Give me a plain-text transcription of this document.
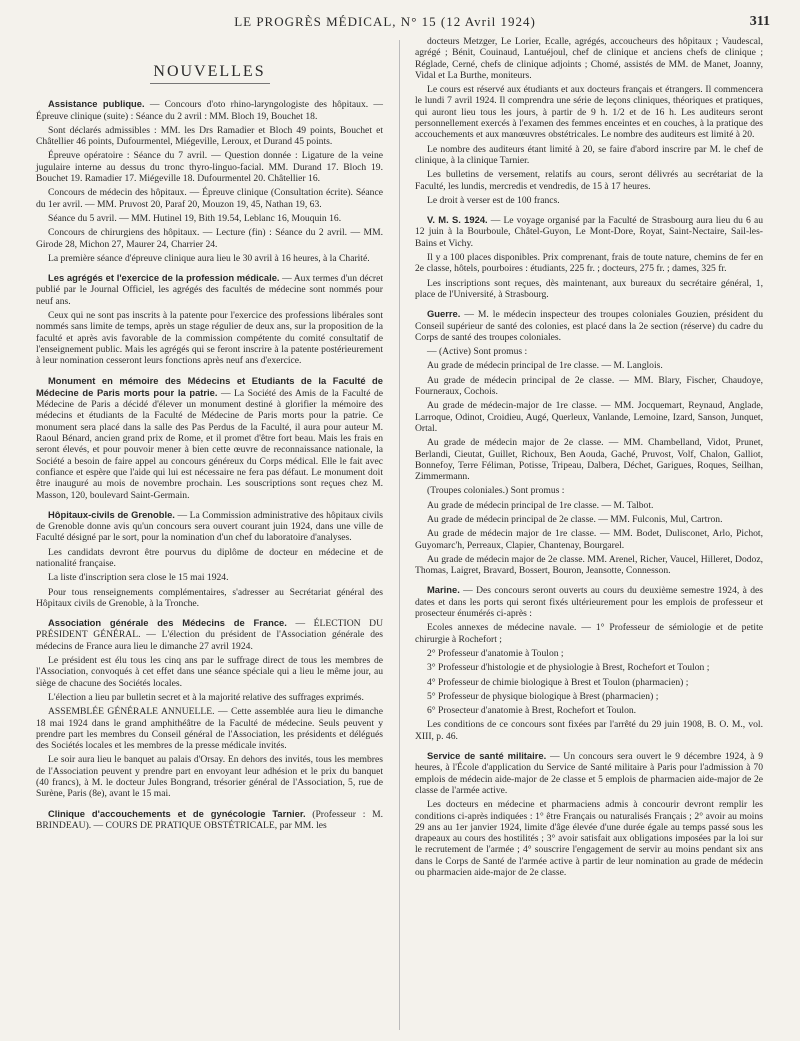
LE PROGRÈS MÉDICAL, N° 15 (12 Avril 1924)	311
NOUVELLES

Assistance publique. — Concours d'oto rhino-laryngologiste des hôpitaux. — Épreuve clinique (suite) : Séance du 2 avril : MM. Bloch 19, Bouchet 18.

Sont déclarés admissibles : MM. les Drs Ramadier et Bloch 49 points, Bouchet et Châtellier 46 points, Dufourmentel, Miégeville, Leroux, et Durand 45 points.

Épreuve opératoire : Séance du 7 avril. — Question donnée : Ligature de la veine jugulaire interne au dessus du tronc thyro-linguo-facial. MM. Durand 17. Bloch 19. Bouchet 19. Ramadier 17. Miégeville 18. Dufourmentel 20. Châtellier 16.

Concours de médecin des hôpitaux. — Épreuve clinique (Consultation écrite). Séance du 1er avril. — MM. Pruvost 20, Paraf 20, Mouzon 19, 45, Nathan 19, 63.

Séance du 5 avril. — MM. Hutinel 19, Bith 19.54, Leblanc 16, Mouquin 16.

Concours de chirurgiens des hôpitaux. — Lecture (fin) : Séance du 2 avril. — MM. Girode 28, Michon 27, Maurer 24, Charrier 24.

La première séance d'épreuve clinique aura lieu le 30 avril à 16 heures, à la Charité.

Les agrégés et l'exercice de la profession médicale. — Aux termes d'un décret publié par le Journal Officiel, les agrégés des facultés de médecine sont nommés pour neuf ans.

Ceux qui ne sont pas inscrits à la patente pour l'exercice des professions libérales sont nommés sans limite de temps, après un stage régulier de deux ans, sur la proposition de la faculté et après avis favorable de la commission compétente du comité consultatif de l'enseignement public. Mais les agrégés qui se feront inscrire à la patente postérieurement à leur nomination cesseront leurs fonctions après neuf ans d'exercice.

Monument en mémoire des Médecins et Etudiants de la Faculté de Médecine de Paris morts pour la patrie. — La Société des Amis de la Faculté de Médecine de Paris a décidé d'élever un monument destiné à glorifier la mémoire des médecins et étudiants de la Faculté de Médecine de Paris morts pour la patrie. Ce monument sera placé dans la salle des Pas Perdus de la Faculté, il aura pour auteur M. Raoul Bénard, ancien grand prix de Rome, et il promet d'être fort beau. Mais les frais en seront élevés, et pour pouvoir mener à bien cette œuvre de reconnaissance nationale, la Société a besoin de faire appel au concours généreux du Corps médical. Elle le fait avec confiance et espère que l'aide qui lui est nécessaire ne fera pas défaut. Le monument doit être inauguré au mois de novembre prochain. Les souscriptions sont reçues chez M. Masson, 120, boulevard Saint-Germain.

Hôpitaux-civils de Grenoble. — La Commission administrative des hôpitaux civils de Grenoble donne avis qu'un concours sera ouvert courant juin 1924, dans une ville de Faculté désigné par le sort, pour la nomination d'un chef du laboratoire d'analyses.

Les candidats devront être pourvus du diplôme de docteur en médecine et de nationalité française.

La liste d'inscription sera close le 15 mai 1924.

Pour tous renseignements complémentaires, s'adresser au Secrétariat général des Hôpitaux civils de Grenoble, à la Tronche.

Association générale des Médecins de France. — ÉLECTION DU PRÉSIDENT GÉNÉRAL. — L'élection du président de l'Association générale des médecins de France aura lieu le dimanche 27 avril 1924.

Le président est élu tous les cinq ans par le suffrage direct de tous les membres de l'Association, convoqués à cet effet dans une séance spéciale qui a lieu le même jour, au siège de chacune des Sociétés locales.

L'élection a lieu par bulletin secret et à la majorité relative des suffrages exprimés.

ASSEMBLÉE GÉNÉRALE ANNUELLE. — Cette assemblée aura lieu le dimanche 18 mai 1924 dans le grand amphithéâtre de la Faculté de médecine. Seuls peuvent y prendre part les membres du Conseil général de l'Association, les présidents et délégués des Sociétés locales et les membres de la presse médicale invités.

Le soir aura lieu le banquet au palais d'Orsay. En dehors des invités, tous les membres de l'Association peuvent y prendre part en envoyant leur adhésion et le prix du banquet (40 francs), à M. le docteur Jules Bongrand, trésorier général de l'Association, 5, rue de Surène, Paris (8e), avant le 15 mai.

Clinique d'accouchements et de gynécologie Tarnier. (Professeur : M. BRINDEAU). — COURS DE PRATIQUE OBSTÉTRICALE, par MM. les

docteurs Metzger, Le Lorier, Ecalle, agrégés, accoucheurs des hôpitaux ; Vaudescal, agrégé ; Bénit, Couinaud, Lantuéjoul, chef de clinique et anciens chefs de clinique ; Réglade, Cerné, chefs de clinique adjoints ; Chomé, assistés de MM. de Manet, Joanny, Vidal et La Burthe, moniteurs.

Le cours est réservé aux étudiants et aux docteurs français et étrangers. Il commencera le lundi 7 avril 1924. Il comprendra une série de leçons cliniques, théoriques et pratiques, qui auront lieu tous les jours, à partir de 9 h. 1/2 et de 16 h. Les auditeurs seront personnellement exercés à l'examen des femmes enceintes et en couches, à la pratique des accouchements et aux manœuvres obstétricales. Le nombre des auditeurs est limité à 20.

Le nombre des auditeurs étant limité à 20, se faire d'abord inscrire par M. le chef de clinique, à la clinique Tarnier.

Les bulletins de versement, relatifs au cours, seront délivrés au secrétariat de la Faculté, les lundis, mercredis et vendredis, de 15 à 17 heures.

Le droit à verser est de 100 francs.

V. M. S. 1924. — Le voyage organisé par la Faculté de Strasbourg aura lieu du 6 au 12 juin à la Bourboule, Châtel-Guyon, Le Mont-Dore, Royat, Saint-Nectaire, Sail-les-Bains et Vichy.

Il y a 100 places disponibles. Prix comprenant, frais de toute nature, chemins de fer en 2e classe, hôtels, pourboires : étudiants, 225 fr. ; docteurs, 275 fr. ; dames, 325 fr.

Les inscriptions sont reçues, dès maintenant, aux bureaux du secrétaire général, 1, place de l'Université, à Strasbourg.

Guerre. — M. le médecin inspecteur des troupes coloniales Gouzien, président du Conseil supérieur de santé des colonies, est placé dans la 2e section (réserve) du cadre du Corps de santé des troupes coloniales.

— (Active) Sont promus :

Au grade de médecin principal de 1re classe. — M. Langlois.

Au grade de médecin principal de 2e classe. — MM. Blary, Fischer, Chaudoye, Fourneraux, Cochois.

Au grade de médecin-major de 1re classe. — MM. Jocquemart, Reynaud, Anglade, Larroque, Odinot, Croidieu, Augé, Querleux, Vanlande, Lemoine, Izard, Sanson, Junquet, Ortal.

Au grade de médecin major de 2e classe. — MM. Chambelland, Vidot, Prunet, Berlandi, Cieutat, Guillet, Richoux, Ben Aouda, Gaché, Pruvost, Volf, Chalon, Galliot, Bonnefoy, Terre Féliman, Potisse, Tripeau, Dalbera, Déchet, Garigues, Roques, Seilhan, Zimmermann.

(Troupes coloniales.) Sont promus :

Au grade de médecin principal de 1re classe. — M. Talbot.

Au grade de médecin principal de 2e classe. — MM. Fulconis, Mul, Cartron.

Au grade de médecin major de 1re classe. — MM. Bodet, Dulisconet, Arlo, Pichot, Guyomarc'h, Perreaux, Clapier, Chantenay, Bourgarel.

Au grade de médecin major de 2e classe. MM. Arenel, Richer, Vaucel, Hilleret, Dodoz, Thomas, Laigret, Bravard, Bossert, Bouron, Jeansotte, Connesson.

Marine. — Des concours seront ouverts au cours du deuxième semestre 1924, à des dates et dans les ports qui seront fixés ultérieurement pour les emplois de professeur et prosecteur énumérés ci-après :

Ecoles annexes de médecine navale. — 1° Professeur de sémiologie et de petite chirurgie à Rochefort ;

2° Professeur d'anatomie à Toulon ;

3° Professeur d'histologie et de physiologie à Brest, Rochefort et Toulon ;

4° Professeur de chimie biologique à Brest et Toulon (pharmacien) ;

5° Professeur de physique biologique à Brest (pharmacien) ;

6° Prosecteur d'anatomie à Brest, Rochefort et Toulon.

Les conditions de ce concours sont fixées par l'arrêté du 29 juin 1908, B. O. M., vol. XIII, p. 46.

Service de santé militaire. — Un concours sera ouvert le 9 décembre 1924, à 9 heures, à l'École d'application du Service de Santé militaire à Paris pour l'admission à 70 emplois de médecin aide-major de 2e classe et 5 emplois de pharmacien aide-major de 2e classe de l'armée active.

Les docteurs en médecine et pharmaciens admis à concourir devront remplir les conditions ci-après indiquées : 1° être Français ou naturalisés Français ; 2° avoir au moins 29 ans au 1er janvier 1924, limite d'âge élevée d'une durée égale au temps passé sous les drapeaux au cours des hostilités ; 3° avoir satisfait aux obligations imposées par la loi sur le recrutement de l'armée ; 4° souscrire l'engagement de servir au moins pendant six ans dans le Corps de Santé de l'armée active à partir de leur nomination au grade de médecin ou pharmacien aide-major de 2e classe.
